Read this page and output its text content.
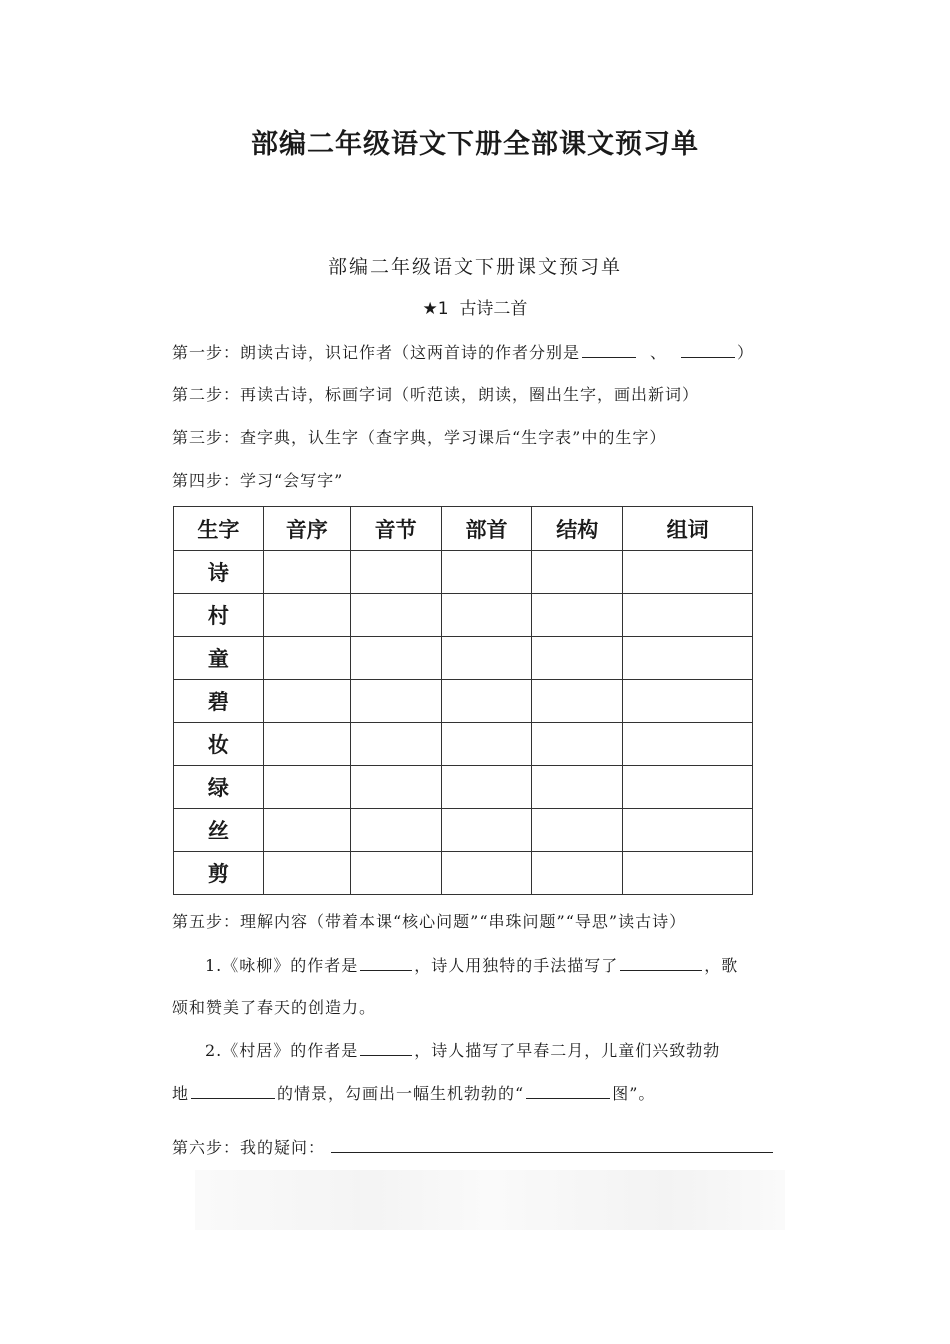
部编二年级语文下册全部课文预习单
部编二年级语文下册课文预习单
★1 古诗二首
第一步：朗读古诗，识记作者（这两首诗的作者分别是	、	）
第二步：再读古诗，标画字词（听范读，朗读，圈出生字，画出新词）
第三步：查字典，认生字（查字典，学习课后“生字表”中的生字）
第四步：学习“会写字”
生字	音序	音节	部首	结构	组词
诗					
村					
童					
碧					
妆					
绿					
丝					
剪					
第五步：理解内容（带着本课“核心问题”“串珠问题”“导思”读古诗）
1.《咏柳》的作者是	，诗人用独特的手法描写了	，歌
颂和赞美了春天的创造力。
2.《村居》的作者是	，诗人描写了早春二月，儿童们兴致勃勃
地	的情景，勾画出一幅生机勃勃的“	图”。
第六步：我的疑问：
